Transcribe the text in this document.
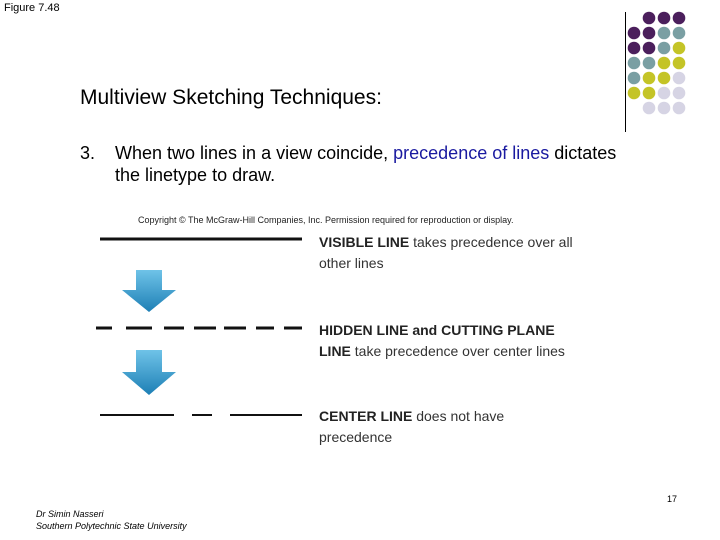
Figure 7.48
Multiview Sketching Techniques:
3. When two lines in a view coincide, precedence of lines dictates the linetype to draw.
Copyright © The McGraw-Hill Companies, Inc. Permission required for reproduction or display.
VISIBLE LINE takes precedence over all
other lines
HIDDEN LINE and CUTTING PLANE
LINE take precedence over center lines
CENTER LINE does not have
precedence
Dr Simin Nasseri
Southern Polytechnic State University
17
